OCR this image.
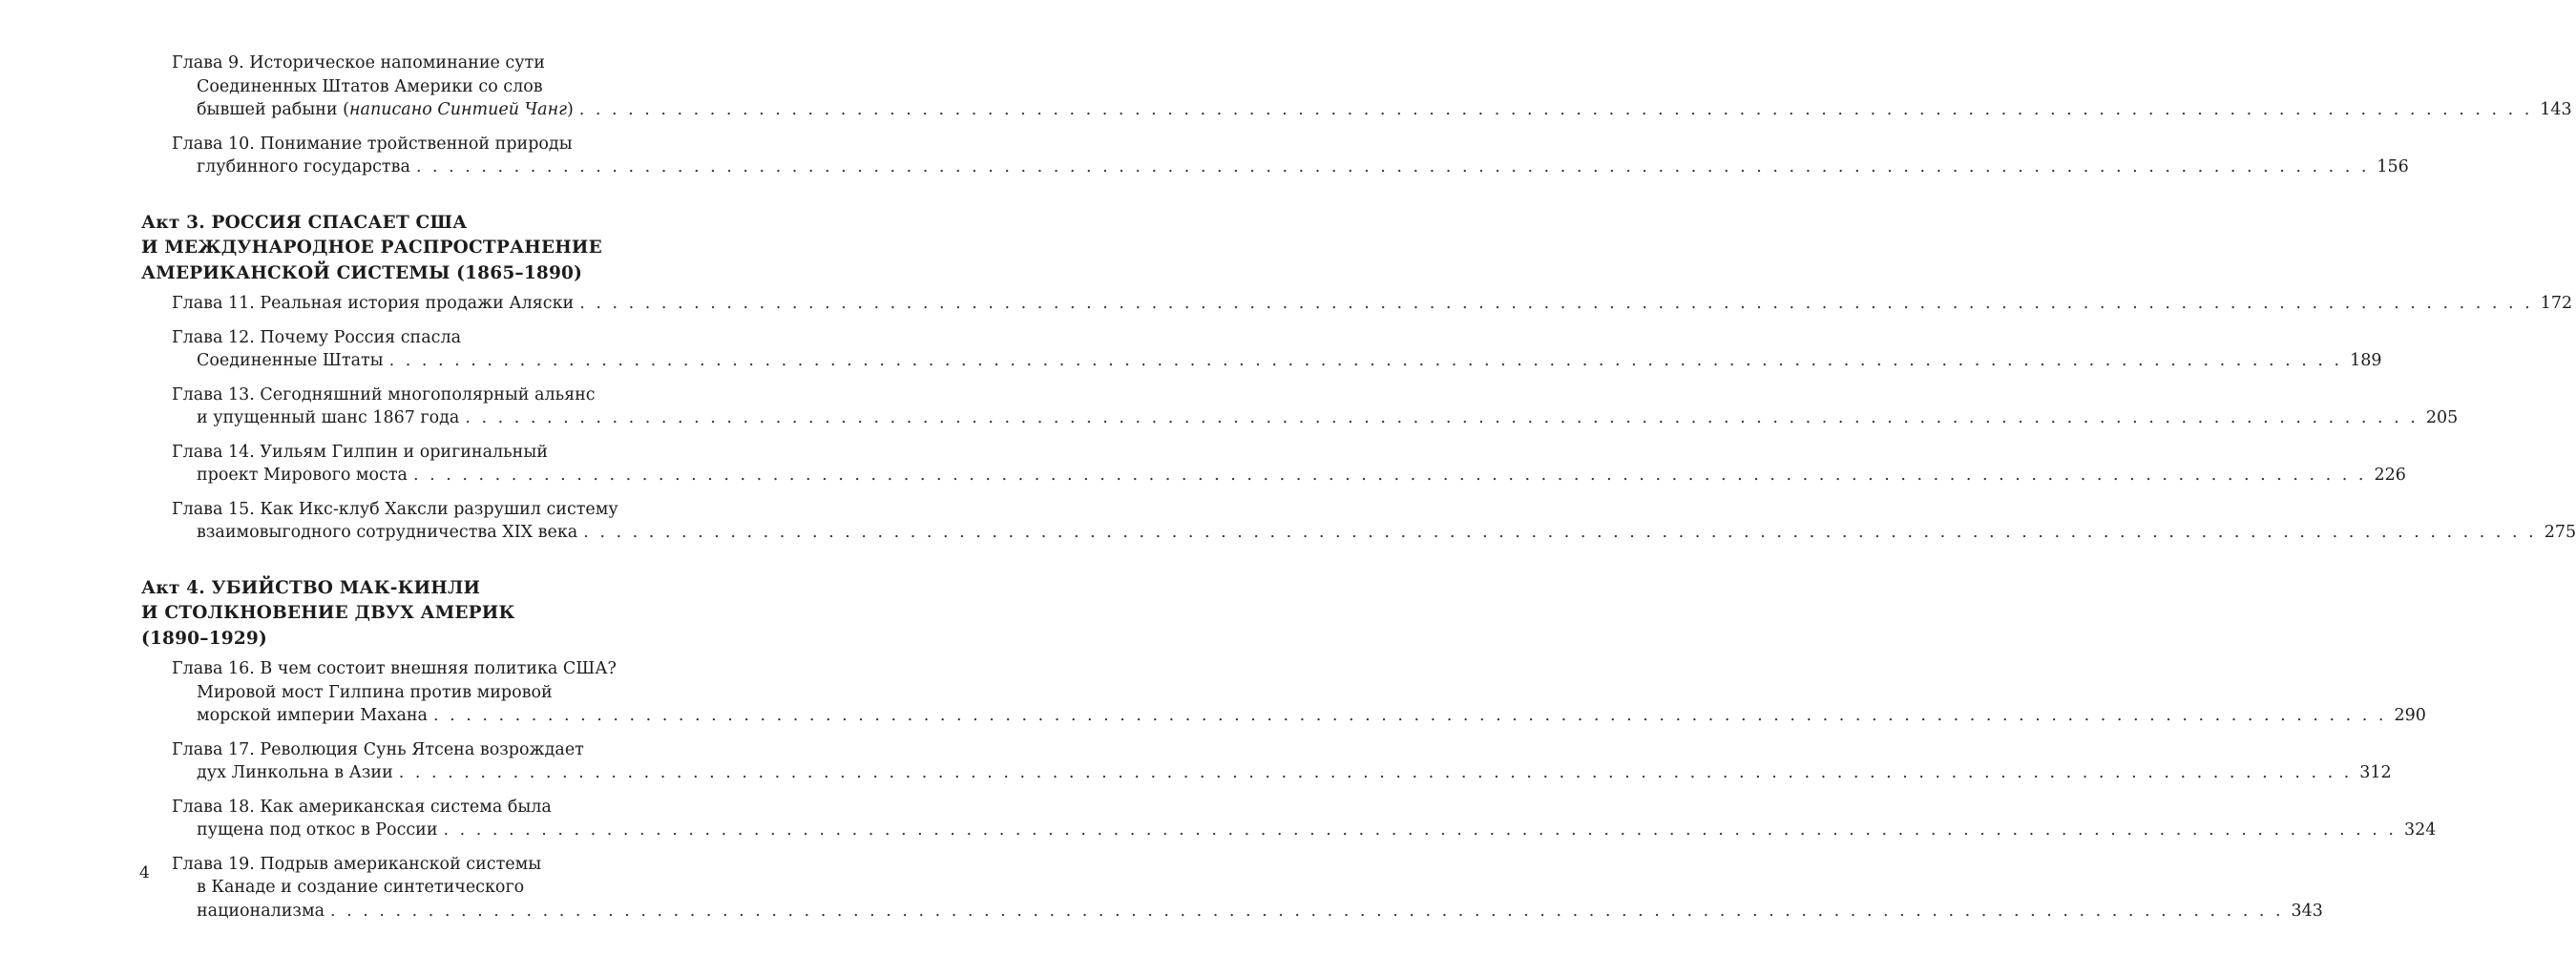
Глава 9. Историческое напоминание сути
Соединенных Штатов Америки со слов
бывшей рабыни (написано Синтией Чанг) . . . . . . . . . . . . . . . . . . . . . . . . . . . . . . . . . . . . . . . . . . . . . . . . . . . . . . . . . . . . . . . . . . . . . . . . . . . . . . . . . . . . . . . . . . . . . . . . . . . . . . . . . . . . . . . . . . . . . . . . 143
Глава 10. Понимание тройственной природы
глубинного государства . . . . . . . . . . . . . . . . . . . . . . . . . . . . . . . . . . . . . . . . . . . . . . . . . . . . . . . . . . . . . . . . . . . . . . . . . . . . . . . . . . . . . . . . . . . . . . . . . . . . . . . . . . . . . . . . . . . . . . . . 156
Акт 3. РОССИЯ СПАСАЕТ США
И МЕЖДУНАРОДНОЕ РАСПРОСТРАНЕНИЕ
АМЕРИКАНСКОЙ СИСТЕМЫ (1865–1890)
Глава 11. Реальная история продажи Аляски . . . . . . . . . . . . . . . . . . . . . . . . . . . . . . . . . . . . . . . . . . . . . . . . . . . . . . . . . . . . . . . . . . . . . . . . . . . . . . . . . . . . . . . . . . . . . . . . . . . . . . . . . . . . . . . . . . . . . . . . 172
Глава 12. Почему Россия спасла
Соединенные Штаты . . . . . . . . . . . . . . . . . . . . . . . . . . . . . . . . . . . . . . . . . . . . . . . . . . . . . . . . . . . . . . . . . . . . . . . . . . . . . . . . . . . . . . . . . . . . . . . . . . . . . . . . . . . . . . . . . . . . . . . . 189
Глава 13. Сегодняшний многополярный альянс
и упущенный шанс 1867 года . . . . . . . . . . . . . . . . . . . . . . . . . . . . . . . . . . . . . . . . . . . . . . . . . . . . . . . . . . . . . . . . . . . . . . . . . . . . . . . . . . . . . . . . . . . . . . . . . . . . . . . . . . . . . . . . . . . . . . . . 205
Глава 14. Уильям Гилпин и оригинальный
проект Мирового моста . . . . . . . . . . . . . . . . . . . . . . . . . . . . . . . . . . . . . . . . . . . . . . . . . . . . . . . . . . . . . . . . . . . . . . . . . . . . . . . . . . . . . . . . . . . . . . . . . . . . . . . . . . . . . . . . . . . . . . . . 226
Глава 15. Как Икс-клуб Хаксли разрушил систему
взаимовыгодного сотрудничества XIX века . . . . . . . . . . . . . . . . . . . . . . . . . . . . . . . . . . . . . . . . . . . . . . . . . . . . . . . . . . . . . . . . . . . . . . . . . . . . . . . . . . . . . . . . . . . . . . . . . . . . . . . . . . . . . . . . . . . . . . . . 275
Акт 4. УБИЙСТВО МАК-КИНЛИ
И СТОЛКНОВЕНИЕ ДВУХ АМЕРИК
(1890–1929)
Глава 16. В чем состоит внешняя политика США?
Мировой мост Гилпина против мировой
морской империи Махана . . . . . . . . . . . . . . . . . . . . . . . . . . . . . . . . . . . . . . . . . . . . . . . . . . . . . . . . . . . . . . . . . . . . . . . . . . . . . . . . . . . . . . . . . . . . . . . . . . . . . . . . . . . . . . . . . . . . . . . . 290
Глава 17. Революция Сунь Ятсена возрождает
дух Линкольна в Азии . . . . . . . . . . . . . . . . . . . . . . . . . . . . . . . . . . . . . . . . . . . . . . . . . . . . . . . . . . . . . . . . . . . . . . . . . . . . . . . . . . . . . . . . . . . . . . . . . . . . . . . . . . . . . . . . . . . . . . . . 312
Глава 18. Как американская система была
пущена под откос в России . . . . . . . . . . . . . . . . . . . . . . . . . . . . . . . . . . . . . . . . . . . . . . . . . . . . . . . . . . . . . . . . . . . . . . . . . . . . . . . . . . . . . . . . . . . . . . . . . . . . . . . . . . . . . . . . . . . . . . . . 324
Глава 19. Подрыв американской системы
в Канаде и создание синтетического
национализма . . . . . . . . . . . . . . . . . . . . . . . . . . . . . . . . . . . . . . . . . . . . . . . . . . . . . . . . . . . . . . . . . . . . . . . . . . . . . . . . . . . . . . . . . . . . . . . . . . . . . . . . . . . . . . . . . . . . . . . . 343
4
